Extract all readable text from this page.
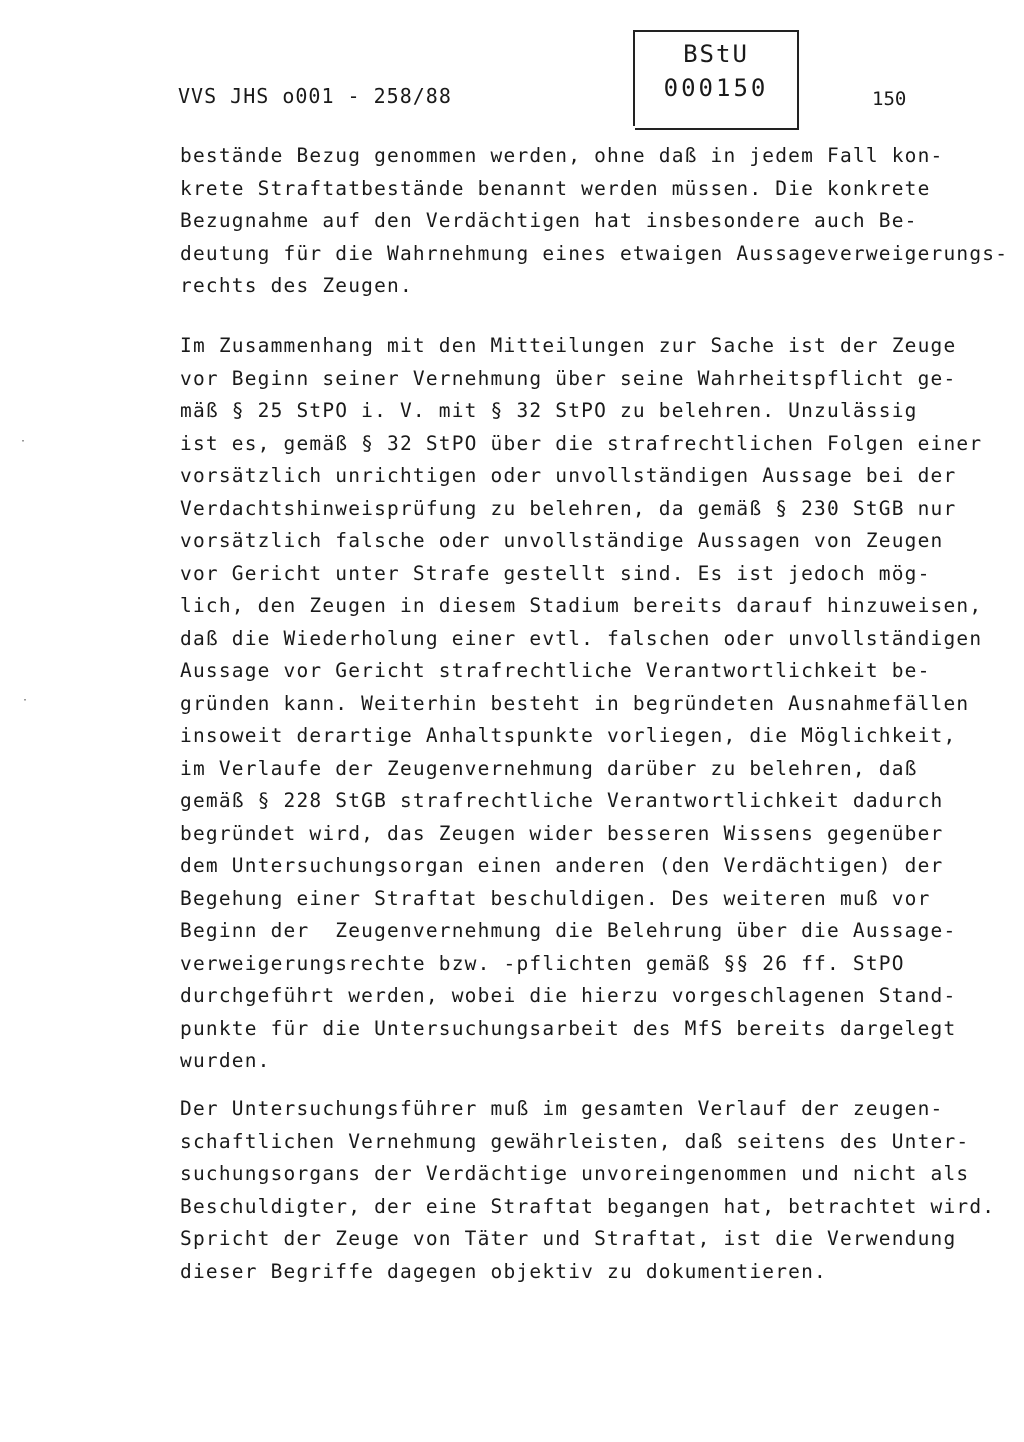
VVS JHS o001 - 258/88
BStU
000150	150
·
·
bestände Bezug genommen werden, ohne daß in jedem Fall kon-
krete Straftatbestände benannt werden müssen. Die konkrete
Bezugnahme auf den Verdächtigen hat insbesondere auch Be-
deutung für die Wahrnehmung eines etwaigen Aussageverweigerungs-
rechts des Zeugen.
Im Zusammenhang mit den Mitteilungen zur Sache ist der Zeuge
vor Beginn seiner Vernehmung über seine Wahrheitspflicht ge-
mäß § 25 StPO i. V. mit § 32 StPO zu belehren. Unzulässig
ist es, gemäß § 32 StPO über die strafrechtlichen Folgen einer
vorsätzlich unrichtigen oder unvollständigen Aussage bei der
Verdachtshinweisprüfung zu belehren, da gemäß § 230 StGB nur
vorsätzlich falsche oder unvollständige Aussagen von Zeugen
vor Gericht unter Strafe gestellt sind. Es ist jedoch mög-
lich, den Zeugen in diesem Stadium bereits darauf hinzuweisen,
daß die Wiederholung einer evtl. falschen oder unvollständigen
Aussage vor Gericht strafrechtliche Verantwortlichkeit be-
gründen kann. Weiterhin besteht in begründeten Ausnahmefällen
insoweit derartige Anhaltspunkte vorliegen, die Möglichkeit,
im Verlaufe der Zeugenvernehmung darüber zu belehren, daß
gemäß § 228 StGB strafrechtliche Verantwortlichkeit dadurch
begründet wird, das Zeugen wider besseren Wissens gegenüber
dem Untersuchungsorgan einen anderen (den Verdächtigen) der
Begehung einer Straftat beschuldigen. Des weiteren muß vor
Beginn der  Zeugenvernehmung die Belehrung über die Aussage-
verweigerungsrechte bzw. -pflichten gemäß §§ 26 ff. StPO
durchgeführt werden, wobei die hierzu vorgeschlagenen Stand-
punkte für die Untersuchungsarbeit des MfS bereits dargelegt
wurden.
Der Untersuchungsführer muß im gesamten Verlauf der zeugen-
schaftlichen Vernehmung gewährleisten, daß seitens des Unter-
suchungsorgans der Verdächtige unvoreingenommen und nicht als
Beschuldigter, der eine Straftat begangen hat, betrachtet wird.
Spricht der Zeuge von Täter und Straftat, ist die Verwendung
dieser Begriffe dagegen objektiv zu dokumentieren.
